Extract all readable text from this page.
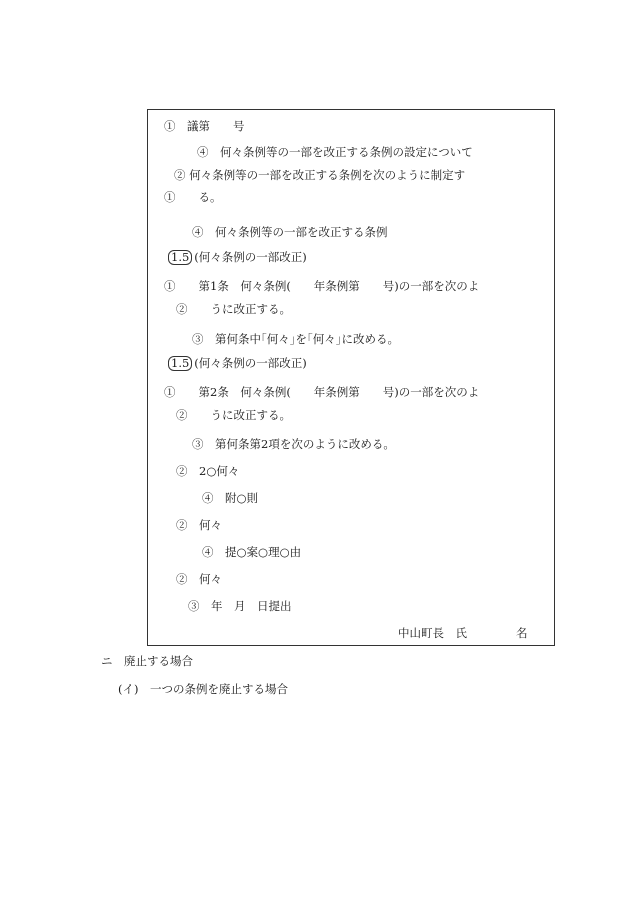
①　議第　　号
④　何々条例等の一部を改正する条例の設定について
② 何々条例等の一部を改正する条例を次のように制定す
①　　る。
④　何々条例等の一部を改正する条例
1.5 (何々条例の一部改正)
①　　第1条　何々条例(　　年条例第　　号)の一部を次のよ
②　　うに改正する。
③　第何条中｢何々｣を｢何々｣に改める。
1.5 (何々条例の一部改正)
①　　第2条　何々条例(　　年条例第　　号)の一部を次のよ
②　　うに改正する。
③　第何条第2項を次のように改める。
②　2○何々
④　附○則
②　何々
④　提○案○理○由
②　何々
③　年　月　日提出
中山町長　氏	名
ニ　廃止する場合
(イ)　一つの条例を廃止する場合
